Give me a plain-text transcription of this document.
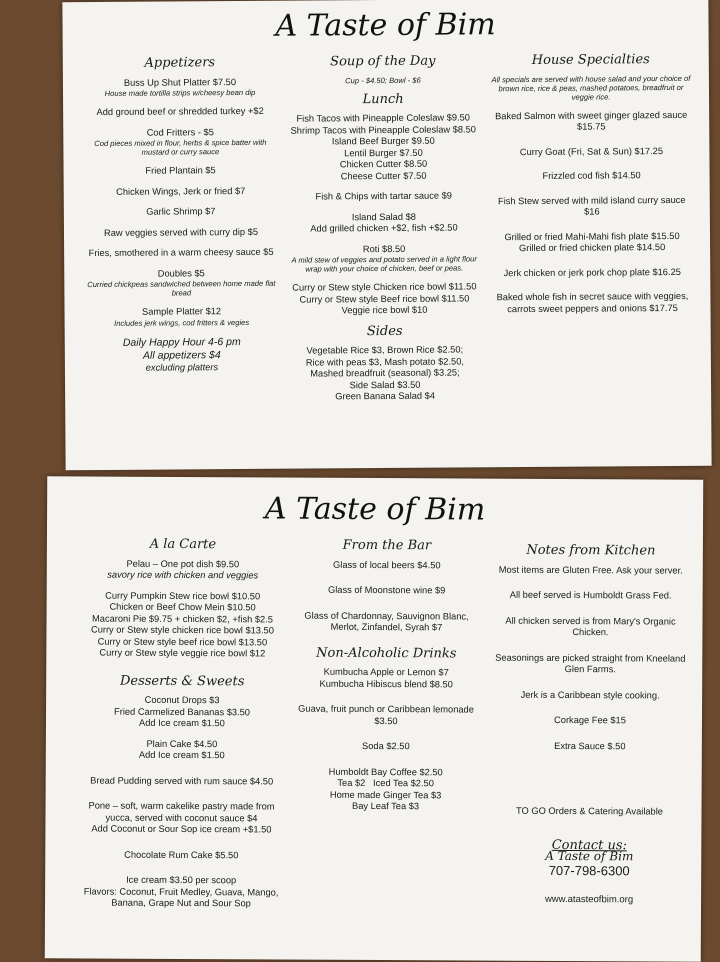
A Taste of Bim
Appetizers

Buss Up Shut Platter $7.50
House made tortilla strips w/cheesy bean dip

Add ground beef or shredded turkey +$2

Cod Fritters - $5
Cod pieces mixed in flour, herbs & spice batter with mustard or curry sauce

Fried Plantain $5

Chicken Wings, Jerk or fried $7

Garlic Shrimp $7

Raw veggies served with curry dip $5

Fries, smothered in a warm cheesy sauce $5

Doubles $5
Curried chickpeas sandwiched between home made flat bread

Sample Platter $12
Includes jerk wings, cod fritters & vegies

Daily Happy Hour 4-6 pm
All appetizers $4
excluding platters

Soup of the Day

Cup - $4.50; Bowl - $6

Lunch

Fish Tacos with Pineapple Coleslaw $9.50
Shrimp Tacos with Pineapple Coleslaw $8.50
Island Beef Burger $9.50
Lentil Burger $7.50
Chicken Cutter $8.50
Cheese Cutter $7.50

Fish & Chips with tartar sauce $9

Island Salad $8
Add grilled chicken +$2, fish +$2.50

Roti $8.50
A mild stew of veggies and potato served in a light flour wrap with your choice of chicken, beef or peas.

Curry or Stew style Chicken rice bowl $11.50
Curry or Stew style Beef rice bowl $11.50
Veggie rice bowl $10

Sides

Vegetable Rice $3, Brown Rice $2.50;
Rice with peas $3, Mash potato $2.50,
Mashed breadfruit (seasonal) $3.25;
Side Salad $3.50
Green Banana Salad $4

House Specialties

All specials are served with house salad and your choice of brown rice, rice & peas, mashed potatoes, breadfruit or veggie rice.

Baked Salmon with sweet ginger glazed sauce $15.75

Curry Goat (Fri, Sat & Sun) $17.25

Frizzled cod fish $14.50

Fish Stew served with mild island curry sauce $16

Grilled or fried Mahi-Mahi fish plate $15.50
Grilled or fried chicken plate $14.50

Jerk chicken or jerk pork chop plate $16.25

Baked whole fish in secret sauce with veggies, carrots sweet peppers and onions $17.75

A Taste of Bim
A la Carte

Pelau – One pot dish $9.50
savory rice with chicken and veggies

Curry Pumpkin Stew rice bowl $10.50
Chicken or Beef Chow Mein $10.50
Macaroni Pie $9.75 + chicken $2, +fish $2.5
Curry or Stew style chicken rice bowl $13.50
Curry or Stew style beef rice bowl $13.50
Curry or Stew style veggie rice bowl $12

Desserts & Sweets

Coconut Drops $3
Fried Carmelized Bananas $3.50
Add Ice cream $1.50

Plain Cake $4.50
Add Ice cream $1.50

Bread Pudding served with rum sauce $4.50

Pone – soft, warm cakelike pastry made from yucca, served with coconut sauce $4
Add Coconut or Sour Sop ice cream +$1.50

Chocolate Rum Cake $5.50

Ice cream $3.50 per scoop
Flavors: Coconut, Fruit Medley, Guava, Mango, Banana, Grape Nut and Sour Sop

From the Bar

Glass of local beers $4.50

Glass of Moonstone wine $9

Glass of Chardonnay, Sauvignon Blanc, Merlot, Zinfandel, Syrah $7

Non-Alcoholic Drinks

Kumbucha Apple or Lemon $7
Kumbucha Hibiscus blend $8.50

Guava, fruit punch or Caribbean lemonade $3.50

Soda $2.50

Humboldt Bay Coffee $2.50
Tea $2   Iced Tea $2.50
Home made Ginger Tea $3
Bay Leaf Tea $3

Notes from Kitchen

Most items are Gluten Free. Ask your server.

All beef served is Humboldt Grass Fed.

All chicken served is from Mary's Organic Chicken.

Seasonings are picked straight from Kneeland Glen Farms.

Jerk is a Caribbean style cooking.

Corkage Fee $15

Extra Sauce $.50

TO GO Orders & Catering Available

Contact us:
A Taste of Bim
707-798-6300
www.atasteofbim.org
